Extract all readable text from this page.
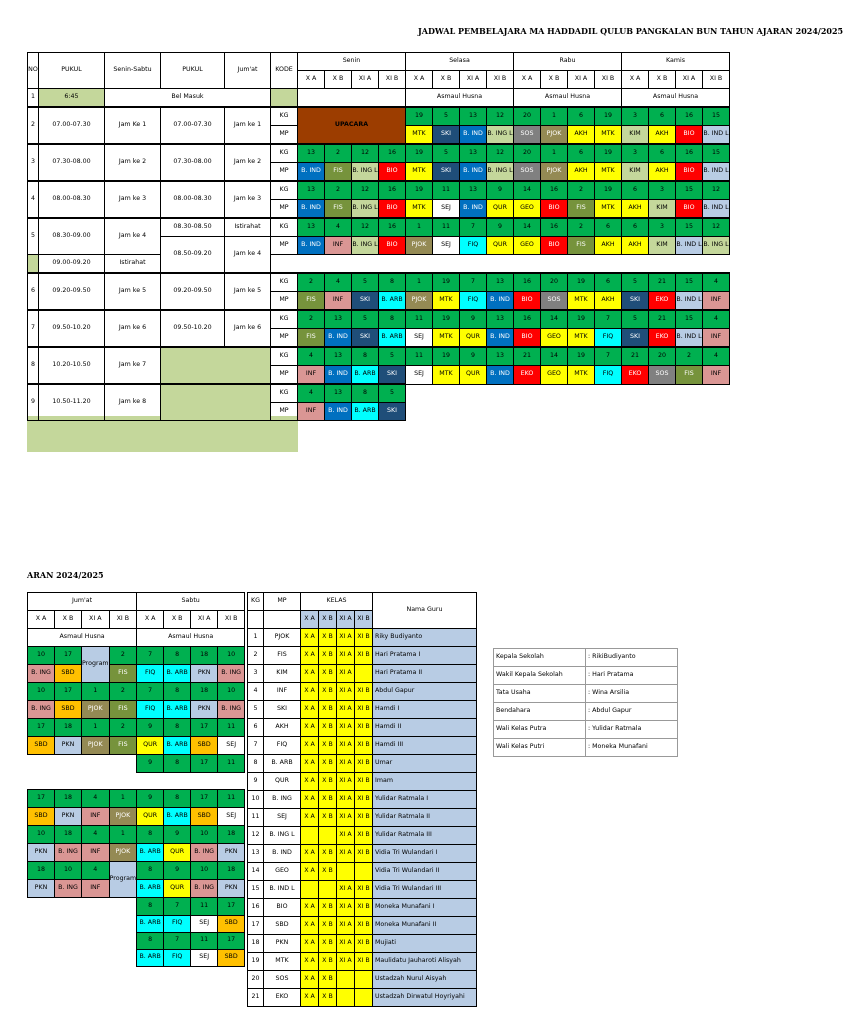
JADWAL PEMBELAJARA MA HADDADIL QULUB PANGKALAN BUN TAHUN AJARAN 2024/2025
ARAN 2024/2025
NO	PUKUL	Senin-Sabtu	PUKUL	Jum'at	KODE	Senin				Selasa				Rabu				Kamis			
						X A	X B	XI A	XI B	X A	X B	XI A	XI B	X A	X B	XI A	XI B	X A	X B	XI A	XI B
1	6:45	Bel Masuk								Asmaul Husna				Asmaul Husna				Asmaul Husna			
2	07.00-07.30	Jam Ke 1	07.00-07.30	Jam ke 1	KG	UPACARA				19	5	13	12	20	1	6	19	3	6	16	15
					MP					MTK	SKI	B. IND	B. ING L	SOS	PJOK	AKH	MTK	KIM	AKH	BIO	B. IND L
3	07.30-08.00	Jam ke 2	07.30-08.00	Jam ke 2	KG	13	2	12	16	19	5	13	12	20	1	6	19	3	6	16	15
					MP	B. IND	FIS	B. ING L	BIO	MTK	SKI	B. IND	B. ING L	SOS	PJOK	AKH	MTK	KIM	AKH	BIO	B. IND L
4	08.00-08.30	Jam ke 3	08.00-08.30	Jam ke 3	KG	13	2	12	16	19	11	13	9	14	16	2	19	6	3	15	12
					MP	B. IND	FIS	B. ING L	BIO	MTK	SEJ	B. IND	QUR	GEO	BIO	FIS	MTK	AKH	KIM	BIO	B. IND L
5	08.30-09.00	Jam ke 4	08.30-08.50	Istirahat	KG	13	4	12	16	1	11	7	9	14	16	2	6	6	3	15	12
			08.50-09.20	Jam ke 4	MP	B. IND	INF	B. ING L	BIO	PJOK	SEJ	FIQ	QUR	GEO	BIO	FIS	AKH	AKH	KIM	B. IND L	B. ING L
	09.00-09.20	Istirahat																			
6	09.20-09.50	Jam ke 5	09.20-09.50	Jam ke 5	KG	2	4	5	8	1	19	7	13	16	20	19	6	5	21	15	4
					MP	FIS	INF	SKI	B. ARB	PJOK	MTK	FIQ	B. IND	BIO	SOS	MTK	AKH	SKI	EKO	B. IND L	INF
7	09.50-10.20	Jam ke 6	09.50-10.20	Jam ke 6	KG	2	13	5	8	11	19	9	13	16	14	19	7	5	21	15	4
					MP	FIS	B. IND	SKI	B. ARB	SEJ	MTK	QUR	B. IND	BIO	GEO	MTK	FIQ	SKI	EKO	B. IND L	INF
8	10.20-10.50	Jam ke 7			KG	4	13	8	5	11	19	9	13	21	14	19	7	21	20	2	4
					MP	INF	B. IND	B. ARB	SKI	SEJ	MTK	QUR	B. IND	EKO	GEO	MTK	FIQ	EKO	SOS	FIS	INF
9	10.50-11.20	Jam ke 8			KG	4	13	8	5												
					MP	INF	B. IND	B. ARB	SKI												
Jum'at				Sabtu			
X A	X B	XI A	XI B	X A	X B	XI A	XI B
Asmaul Husna				Asmaul Husna			
10	17	Program	2	7	8	18	10
B. ING	SBD		FIS	FIQ	B. ARB	PKN	B. ING
10	17	1	2	7	8	18	10
B. ING	SBD	PJOK	FIS	FIQ	B. ARB	PKN	B. ING
17	18	1	2	9	8	17	11
SBD	PKN	PJOK	FIS	QUR	B. ARB	SBD	SEJ
				9	8	17	11

17	18	4	1	9	8	17	11
SBD	PKN	INF	PJOK	QUR	B. ARB	SBD	SEJ
10	18	4	1	8	9	10	18
PKN	B. ING	INF	PJOK	B. ARB	QUR	B. ING	PKN
18	10	4	Program	8	9	10	18
PKN	B. ING	INF		B. ARB	QUR	B. ING	PKN
				8	7	11	17
				B. ARB	FIQ	SEJ	SBD
				8	7	11	17
				B. ARB	FIQ	SEJ	SBD
KG	MP	KELAS				Nama Guru

		X A	X B	XI A	XI B	
1	PJOK	X A	X B	XI A	XI B	Riky Budiyanto
2	FIS	X A	X B	XI A	XI B	Hari Pratama I
3	KIM	X A	X B	XI A		Hari Pratama II
4	INF	X A	X B	XI A	XI B	Abdul Gapur
5	SKI	X A	X B	XI A	XI B	Hamdi I
6	AKH	X A	X B	XI A	XI B	Hamdi II
7	FIQ	X A	X B	XI A	XI B	Hamdi III
8	B. ARB	X A	X B	XI A	XI B	Umar
9	QUR	X A	X B	XI A	XI B	Imam
10	B. ING	X A	X B	XI A	XI B	Yulidar Ratmala I
11	SEJ	X A	X B	XI A	XI B	Yulidar Ratmala II
12	B. ING L			XI A	XI B	Yulidar Ratmala III
13	B. IND	X A	X B	XI A	XI B	Vidia Tri Wulandari I
14	GEO	X A	X B			Vidia Tri Wulandari II
15	B. IND L			XI A	XI B	Vidia Tri Wulandari III
16	BIO	X A	X B	XI A	XI B	Moneka Munafani I
17	SBD	X A	X B	XI A	XI B	Moneka Munafani II
18	PKN	X A	X B	XI A	XI B	Mujiati
19	MTK	X A	X B	XI A	XI B	Maulidatu Jauharoti Alisyah
20	SOS	X A	X B			Ustadzah Nurul Aisyah
21	EKO	X A	X B			Ustadzah Dirwatul Hoyriyahi
Kepala Sekolah	: RikiBudiyanto
Wakil Kepala Sekolah	: Hari Pratama
Tata Usaha	: Wina Arsilia
Bendahara	: Abdul Gapur
Wali Kelas Putra	: Yulidar Ratmala
Wali Kelas Putri	: Moneka Munafani
